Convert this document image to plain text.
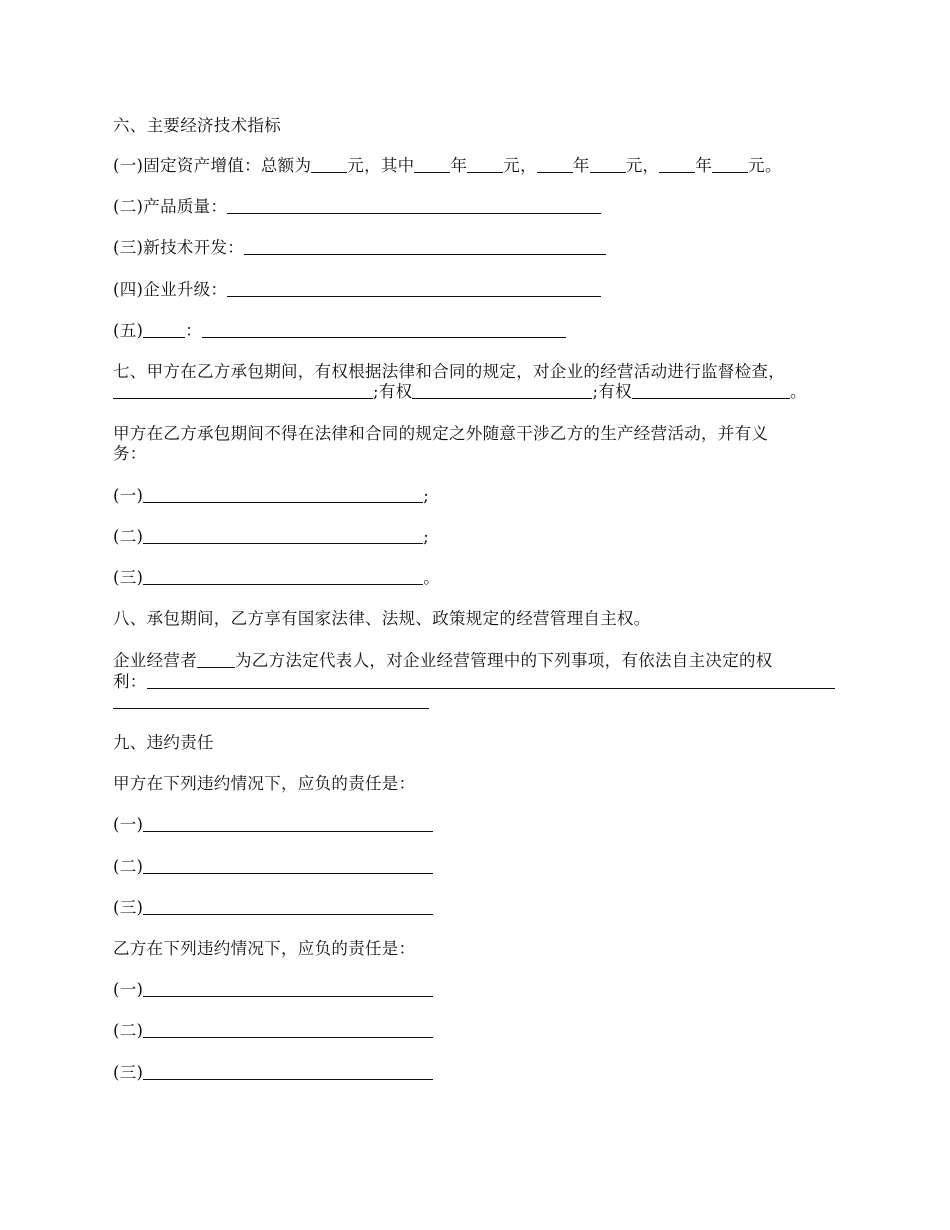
六、主要经济技术指标
(一)固定资产增值：总额为 元，其中 年 元， 年 元， 年 元。
(二)产品质量：
(三)新技术开发：
(四)企业升级：
(五)	：
七、甲方在乙方承包期间，有权根据法律和合同的规定，对企业的经营活动进行监督检查，
;有权	;有权	。
甲方在乙方承包期间不得在法律和合同的规定之外随意干涉乙方的生产经营活动，并有义
务：
(一)	;
(二)	;
(三)	。
八、承包期间，乙方享有国家法律、法规、政策规定的经营管理自主权。
企业经营者 为乙方法定代表人，对企业经营管理中的下列事项，有依法自主决定的权
利：
九、违约责任
甲方在下列违约情况下，应负的责任是：
(一)
(二)
(三)
乙方在下列违约情况下，应负的责任是：
(一)
(二)
(三)
